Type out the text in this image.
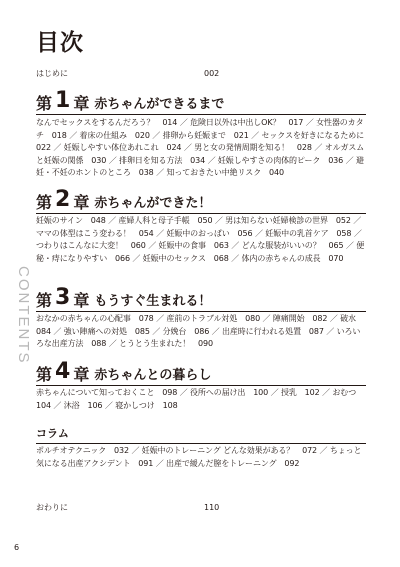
目次
はじめに	002
第 1 章 赤ちゃんができるまで
なんでセックスをするんだろう？　014 ／ 危険日以外は中出しOK？　017 ／ 女性器のカタチ　018 ／ 着床の仕組み　020 ／ 排卵から妊娠まで　021 ／ セックスを好きになるために　022 ／ 妊娠しやすい体位あれこれ　024 ／ 男と女の発情周期を知る！　028 ／ オルガスムと妊娠の関係　030 ／ 排卵日を知る方法　034 ／ 妊娠しやすさの肉体的ピーク　036 ／ 避妊・不妊のホントのところ　038 ／ 知っておきたい中絶リスク　040
第 2 章 赤ちゃんができた！
妊娠のサイン　048 ／ 産婦人科と母子手帳　050 ／ 男は知らない妊婦検診の世界　052 ／ ママの体型はこう変わる！　054 ／ 妊娠中のおっぱい　056 ／ 妊娠中の乳首ケア　058 ／ つわりはこんなに大変！　060 ／ 妊娠中の食事　063 ／ どんな服装がいいの？　065 ／ 便秘・痔になりやすい　066 ／ 妊娠中のセックス　068 ／ 体内の赤ちゃんの成長　070
第 3 章 もうすぐ生まれる！
おなかの赤ちゃんの心配事　078 ／ 産前のトラブル対処　080 ／ 陣痛開始　082 ／ 破水　084 ／ 強い陣痛への対処　085 ／ 分娩台　086 ／ 出産時に行われる処置　087 ／ いろいろな出産方法　088 ／ とうとう生まれた！　090
第 4 章 赤ちゃんとの暮らし
赤ちゃんについて知っておくこと　098 ／ 役所への届け出　100 ／ 授乳　102 ／ おむつ　104 ／ 沐浴　106 ／ 寝かしつけ　108
コラム
ポルチオテクニック　032 ／ 妊娠中のトレーニング どんな効果がある？　072 ／ ちょっと気になる出産アクシデント　091 ／ 出産で緩んだ膣をトレーニング　092
おわりに	110
CONTENTS
6
